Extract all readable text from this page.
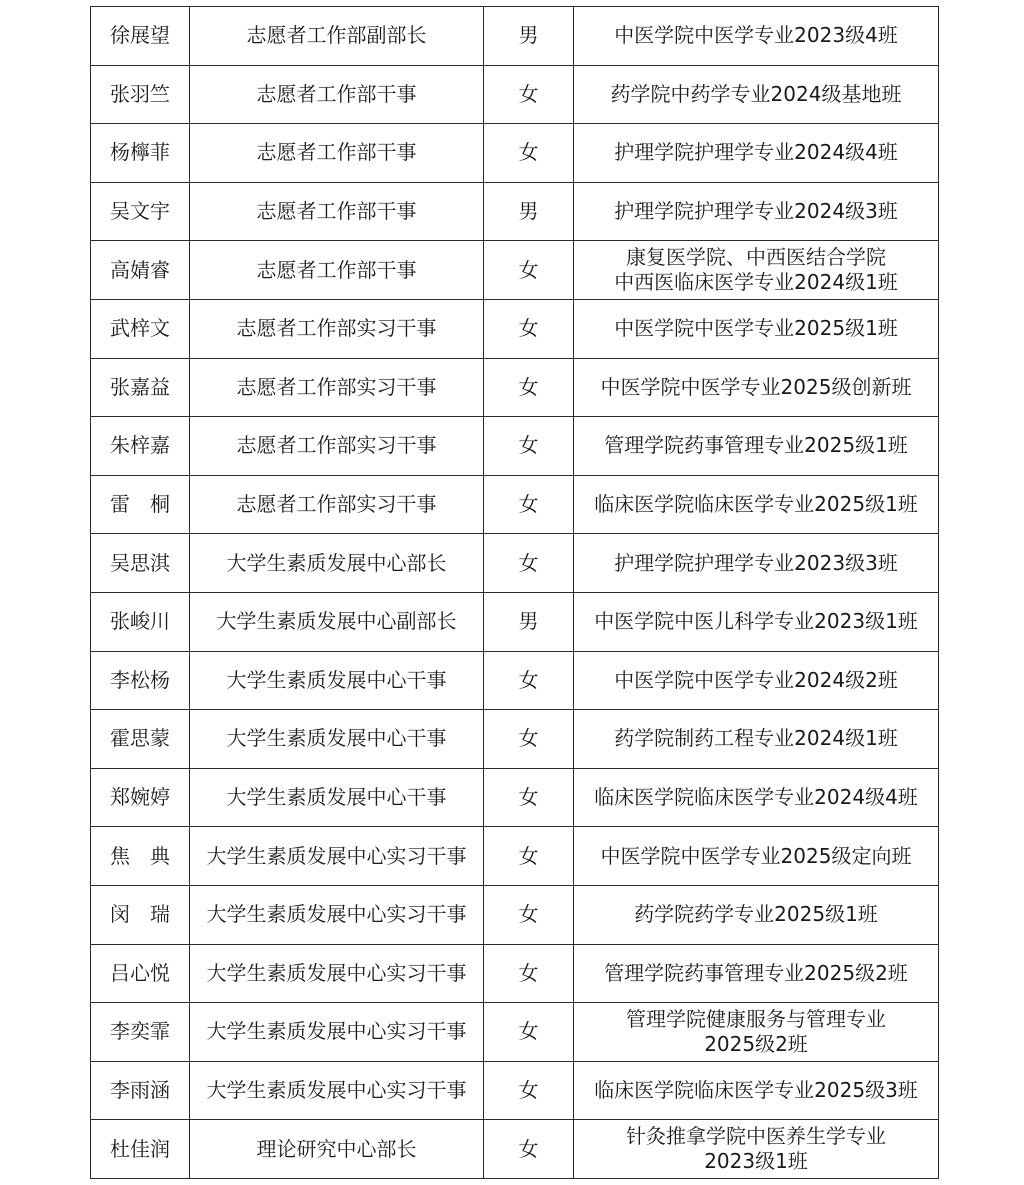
徐展望	志愿者工作部副部长	男	中医学院中医学专业2023级4班

张羽竺	志愿者工作部干事	女	药学院中药学专业2024级基地班

杨檸菲	志愿者工作部干事	女	护理学院护理学专业2024级4班

吴文宇	志愿者工作部干事	男	护理学院护理学专业2024级3班

高婧睿	志愿者工作部干事	女	康复医学院、中西医结合学院
中西医临床医学专业2024级1班

武梓文	志愿者工作部实习干事	女	中医学院中医学专业2025级1班

张嘉益	志愿者工作部实习干事	女	中医学院中医学专业2025级创新班

朱梓嘉	志愿者工作部实习干事	女	管理学院药事管理专业2025级1班

雷　桐	志愿者工作部实习干事	女	临床医学院临床医学专业2025级1班

吴思淇	大学生素质发展中心部长	女	护理学院护理学专业2023级3班

张峻川	大学生素质发展中心副部长	男	中医学院中医儿科学专业2023级1班

李松杨	大学生素质发展中心干事	女	中医学院中医学专业2024级2班

霍思蒙	大学生素质发展中心干事	女	药学院制药工程专业2024级1班

郑婉婷	大学生素质发展中心干事	女	临床医学院临床医学专业2024级4班

焦　典	大学生素质发展中心实习干事	女	中医学院中医学专业2025级定向班

闵　瑞	大学生素质发展中心实习干事	女	药学院药学专业2025级1班

吕心悦	大学生素质发展中心实习干事	女	管理学院药事管理专业2025级2班

李奕霏	大学生素质发展中心实习干事	女	管理学院健康服务与管理专业
2025级2班

李雨涵	大学生素质发展中心实习干事	女	临床医学院临床医学专业2025级3班

杜佳润	理论研究中心部长	女	针灸推拿学院中医养生学专业
2023级1班
